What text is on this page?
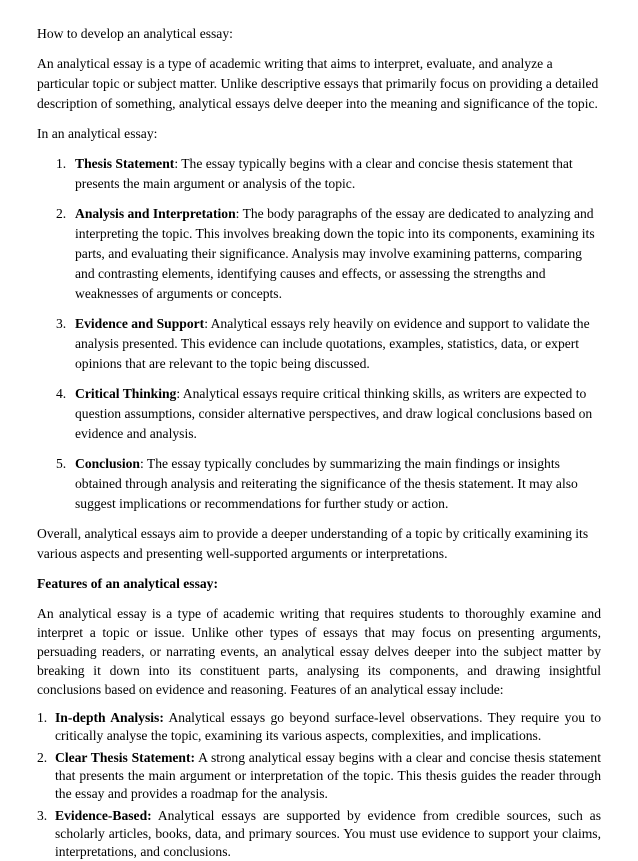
How to develop an analytical essay:

An analytical essay is a type of academic writing that aims to interpret, evaluate, and analyze a particular topic or subject matter. Unlike descriptive essays that primarily focus on providing a detailed description of something, analytical essays delve deeper into the meaning and significance of the topic.

In an analytical essay:

1. Thesis Statement: The essay typically begins with a clear and concise thesis statement that presents the main argument or analysis of the topic.
2. Analysis and Interpretation: The body paragraphs of the essay are dedicated to analyzing and interpreting the topic. This involves breaking down the topic into its components, examining its parts, and evaluating their significance. Analysis may involve examining patterns, comparing and contrasting elements, identifying causes and effects, or assessing the strengths and weaknesses of arguments or concepts.
3. Evidence and Support: Analytical essays rely heavily on evidence and support to validate the analysis presented. This evidence can include quotations, examples, statistics, data, or expert opinions that are relevant to the topic being discussed.
4. Critical Thinking: Analytical essays require critical thinking skills, as writers are expected to question assumptions, consider alternative perspectives, and draw logical conclusions based on evidence and analysis.
5. Conclusion: The essay typically concludes by summarizing the main findings or insights obtained through analysis and reiterating the significance of the thesis statement. It may also suggest implications or recommendations for further study or action.

Overall, analytical essays aim to provide a deeper understanding of a topic by critically examining its various aspects and presenting well-supported arguments or interpretations.

Features of an analytical essay:

An analytical essay is a type of academic writing that requires students to thoroughly examine and interpret a topic or issue. Unlike other types of essays that may focus on presenting arguments, persuading readers, or narrating events, an analytical essay delves deeper into the subject matter by breaking it down into its constituent parts, analysing its components, and drawing insightful conclusions based on evidence and reasoning. Features of an analytical essay include:

1. In-depth Analysis: Analytical essays go beyond surface-level observations. They require you to critically analyse the topic, examining its various aspects, complexities, and implications.
2. Clear Thesis Statement: A strong analytical essay begins with a clear and concise thesis statement that presents the main argument or interpretation of the topic. This thesis guides the reader through the essay and provides a roadmap for the analysis.
3. Evidence-Based: Analytical essays are supported by evidence from credible sources, such as scholarly articles, books, data, and primary sources. You must use evidence to support your claims, interpretations, and conclusions.
